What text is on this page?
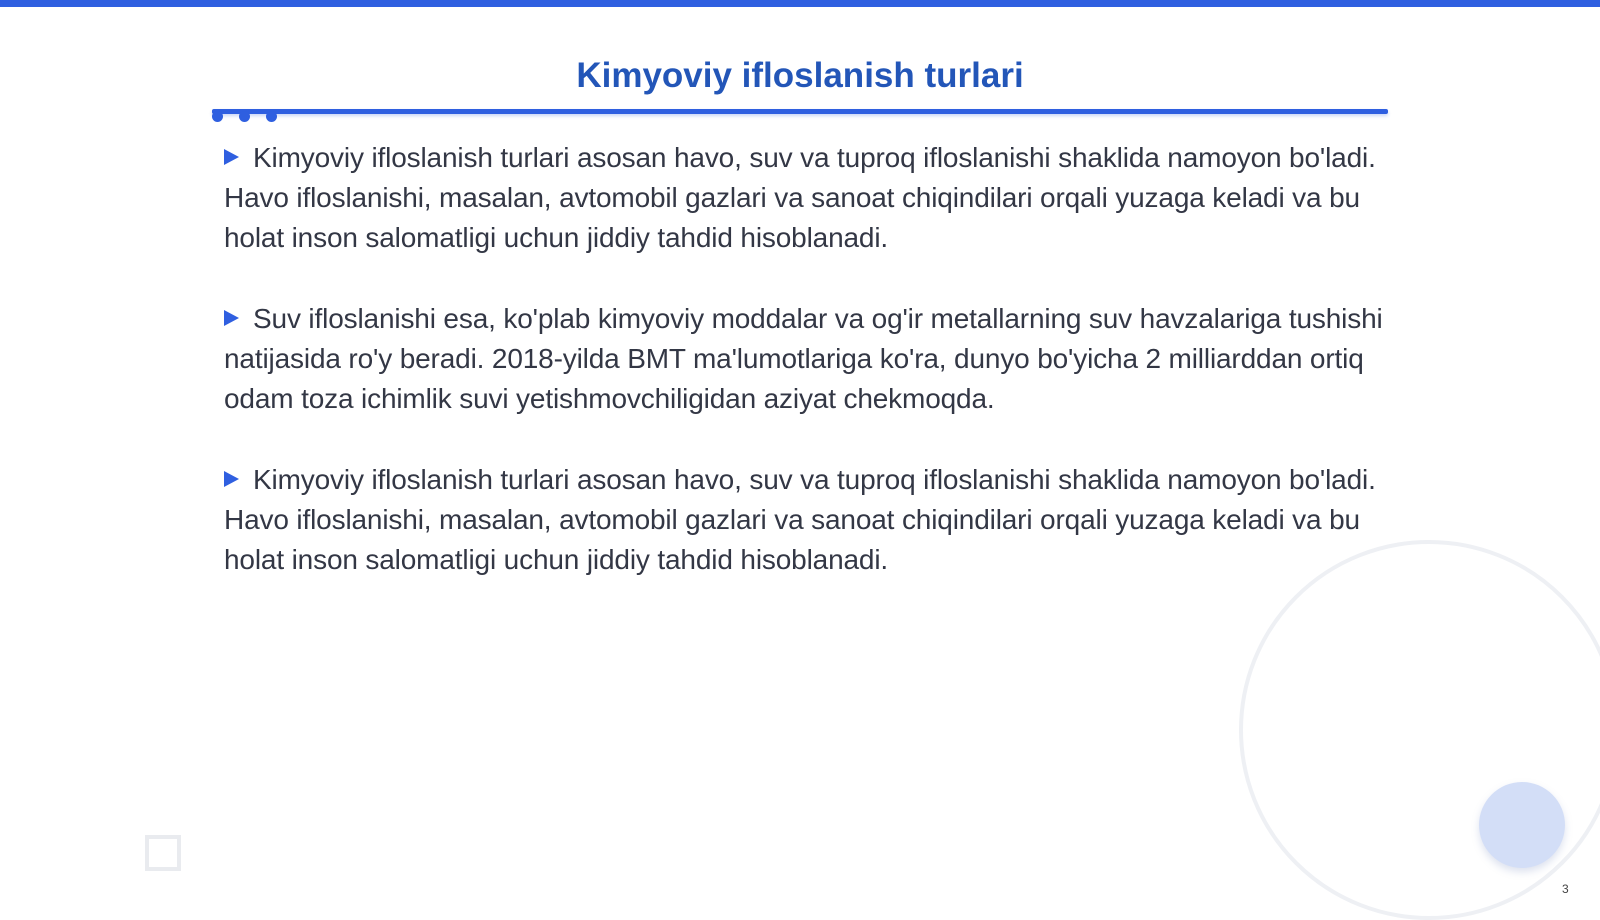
Kimyoviy ifloslanish turlari

Kimyoviy ifloslanish turlari asosan havo, suv va tuproq ifloslanishi shaklida namoyon bo'ladi. Havo ifloslanishi, masalan, avtomobil gazlari va sanoat chiqindilari orqali yuzaga keladi va bu holat inson salomatligi uchun jiddiy tahdid hisoblanadi.

Suv ifloslanishi esa, ko'plab kimyoviy moddalar va og'ir metallarning suv havzalariga tushishi natijasida ro'y beradi. 2018-yilda BMT ma'lumotlariga ko'ra, dunyo bo'yicha 2 milliarddan ortiq odam toza ichimlik suvi yetishmovchiligidan aziyat chekmoqda.

Kimyoviy ifloslanish turlari asosan havo, suv va tuproq ifloslanishi shaklida namoyon bo'ladi. Havo ifloslanishi, masalan, avtomobil gazlari va sanoat chiqindilari orqali yuzaga keladi va bu holat inson salomatligi uchun jiddiy tahdid hisoblanadi.

3
